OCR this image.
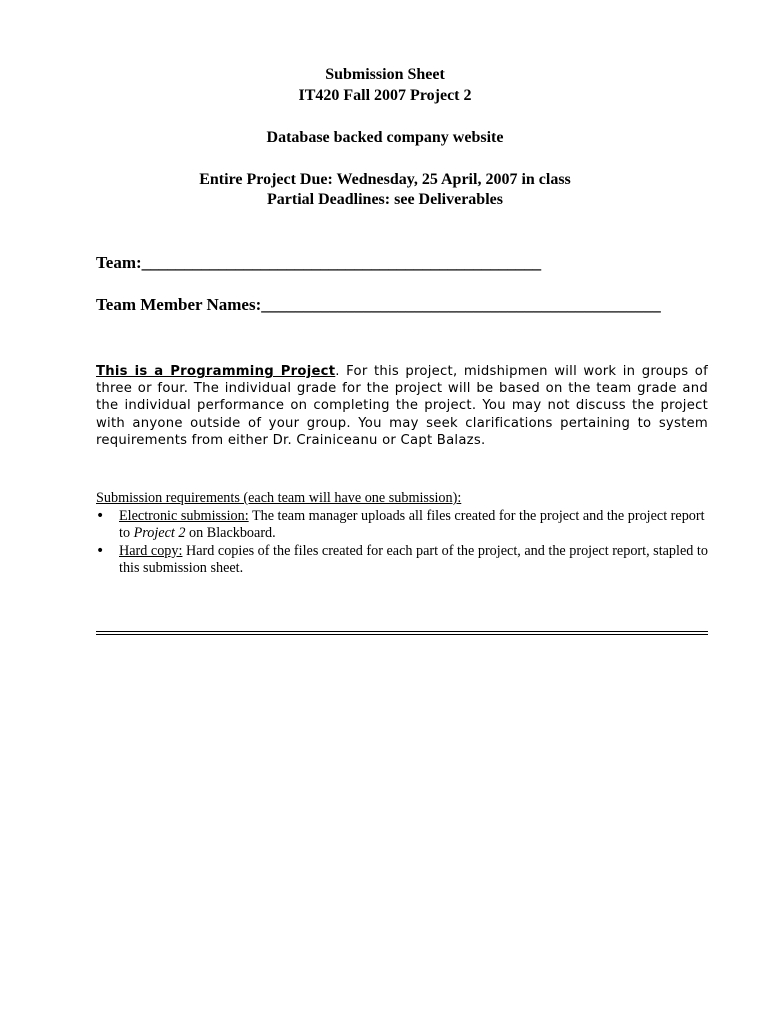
Submission Sheet
IT420 Fall 2007 Project 2
Database backed company website
Entire Project Due: Wednesday, 25 April, 2007 in class
Partial Deadlines: see Deliverables
Team:_______________________________________________
Team Member Names:_______________________________________________
This is a Programming Project. For this project, midshipmen will work in groups of three or four. The individual grade for the project will be based on the team grade and the individual performance on completing the project. You may not discuss the project with anyone outside of your group. You may seek clarifications pertaining to system requirements from either Dr. Crainiceanu or Capt Balazs.
Submission requirements (each team will have one submission):
• Electronic submission: The team manager uploads all files created for the project and the project report to Project 2 on Blackboard.
• Hard copy: Hard copies of the files created for each part of the project, and the project report, stapled to this submission sheet.
